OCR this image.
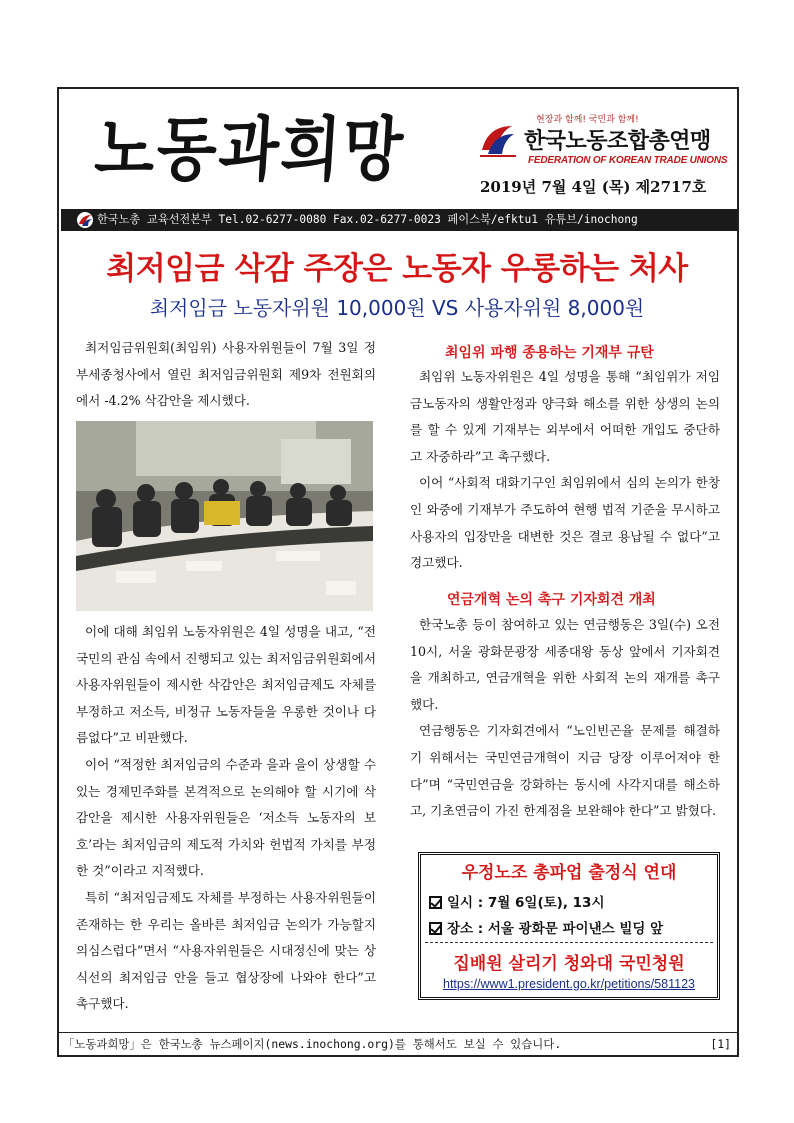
노동과희망	현장과 함께! 국민과 함께!
한국노동조합총연맹
FEDERATION OF KOREAN TRADE UNIONS
2019년 7월 4일 (목) 제2717호
한국노총 교육선전본부 Tel.02-6277-0080 Fax.02-6277-0023 페이스북/efktu1 유튜브/inochong
최저임금 삭감 주장은 노동자 우롱하는 처사
최저임금 노동자위원 10,000원 VS 사용자위원 8,000원

최저임금위원회(최임위) 사용자위원들이 7월 3일 정부세종청사에서 열린 최저임금위원회 제9차 전원회의에서 -4.2% 삭감안을 제시했다.

이에 대해 최임위 노동자위원은 4일 성명을 내고, “전 국민의 관심 속에서 진행되고 있는 최저임금위원회에서 사용자위원들이 제시한 삭감안은 최저임금제도 자체를 부정하고 저소득, 비정규 노동자들을 우롱한 것이나 다름없다”고 비판했다.

이어 “적정한 최저임금의 수준과 을과 을이 상생할 수 있는 경제민주화를 본격적으로 논의해야 할 시기에 삭감안을 제시한 사용자위원들은 ‘저소득 노동자의 보호’라는 최저임금의 제도적 가치와 헌법적 가치를 부정한 것”이라고 지적했다.

특히 “최저임금제도 자체를 부정하는 사용자위원들이 존재하는 한 우리는 올바른 최저임금 논의가 가능할지 의심스럽다”면서 “사용자위원들은 시대정신에 맞는 상식선의 최저임금 안을 들고 협상장에 나와야 한다”고 촉구했다.

최임위 파행 종용하는 기재부 규탄

최임위 노동자위원은 4일 성명을 통해 “최임위가 저임금노동자의 생활안정과 양극화 해소를 위한 상생의 논의를 할 수 있게 기재부는 외부에서 어떠한 개입도 중단하고 자중하라”고 촉구했다.

이어 “사회적 대화기구인 최임위에서 심의 논의가 한창인 와중에 기재부가 주도하여 현행 법적 기준을 무시하고 사용자의 입장만을 대변한 것은 결코 용납될 수 없다”고 경고했다.

연금개혁 논의 촉구 기자회견 개최

한국노총 등이 참여하고 있는 연금행동은 3일(수) 오전 10시, 서울 광화문광장 세종대왕 동상 앞에서 기자회견을 개최하고, 연금개혁을 위한 사회적 논의 재개를 촉구했다.

연금행동은 기자회견에서 “노인빈곤율 문제를 해결하기 위해서는 국민연금개혁이 지금 당장 이루어져야 한다”며 “국민연금을 강화하는 동시에 사각지대를 해소하고, 기초연금이 가진 한계점을 보완해야 한다”고 밝혔다.

우정노조 총파업 출정식 연대
일시 : 7월 6일(토), 13시
장소 : 서울 광화문 파이낸스 빌딩 앞
집배원 살리기 청와대 국민청원
https://www1.president.go.kr/petitions/581123
「노동과희망」은 한국노총 뉴스페이지(news.inochong.org)를 통해서도 보실 수 있습니다.	[1]
